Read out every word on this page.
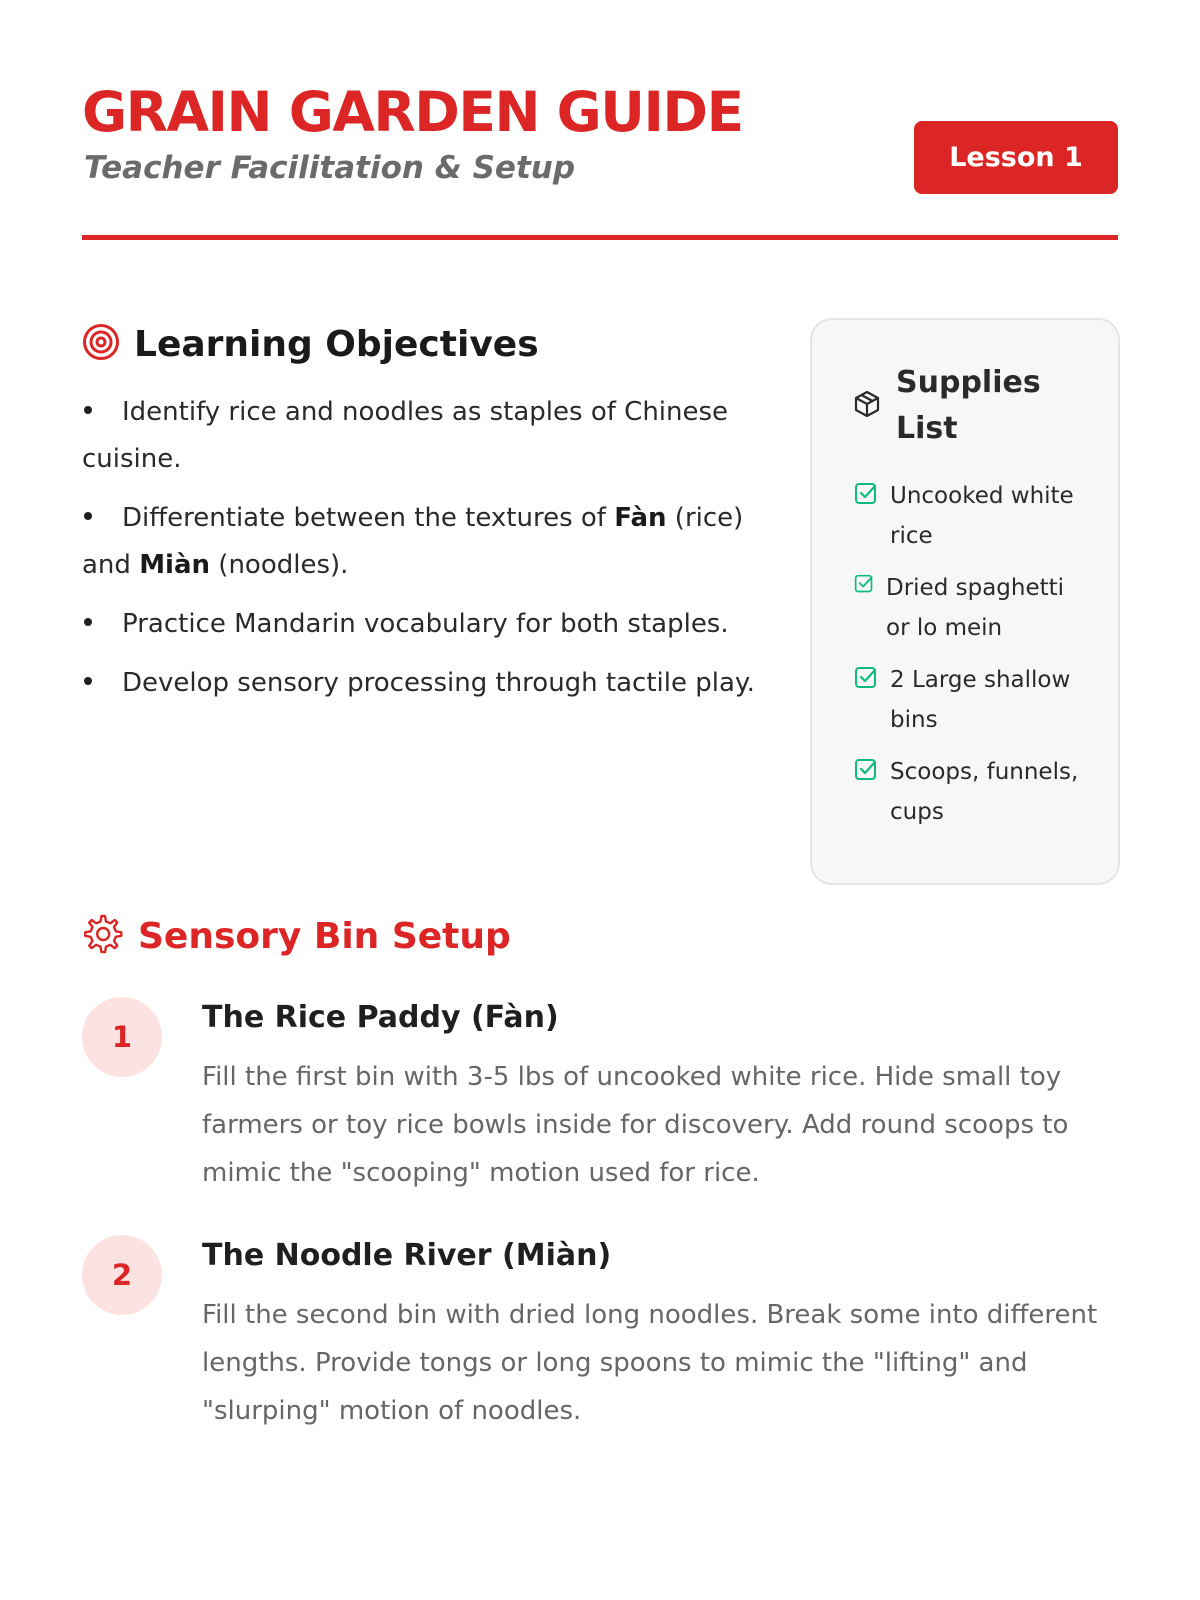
GRAIN GARDEN GUIDE
Teacher Facilitation & Setup	Lesson 1
Learning Objectives
Identify rice and noodles as staples of Chinese cuisine.
Differentiate between the textures of Fàn (rice) and Miàn (noodles).
Practice Mandarin vocabulary for both staples.
Develop sensory processing through tactile play.
Supplies List
Uncooked white rice
Dried spaghetti or lo mein
2 Large shallow bins
Scoops, funnels, cups
Sensory Bin Setup
1
The Rice Paddy (Fàn)

Fill the first bin with 3-5 lbs of uncooked white rice. Hide small toy farmers or toy rice bowls inside for discovery. Add round scoops to mimic the "scooping" motion used for rice.

2
The Noodle River (Miàn)

Fill the second bin with dried long noodles. Break some into different lengths. Provide tongs or long spoons to mimic the "lifting" and "slurping" motion of noodles.
